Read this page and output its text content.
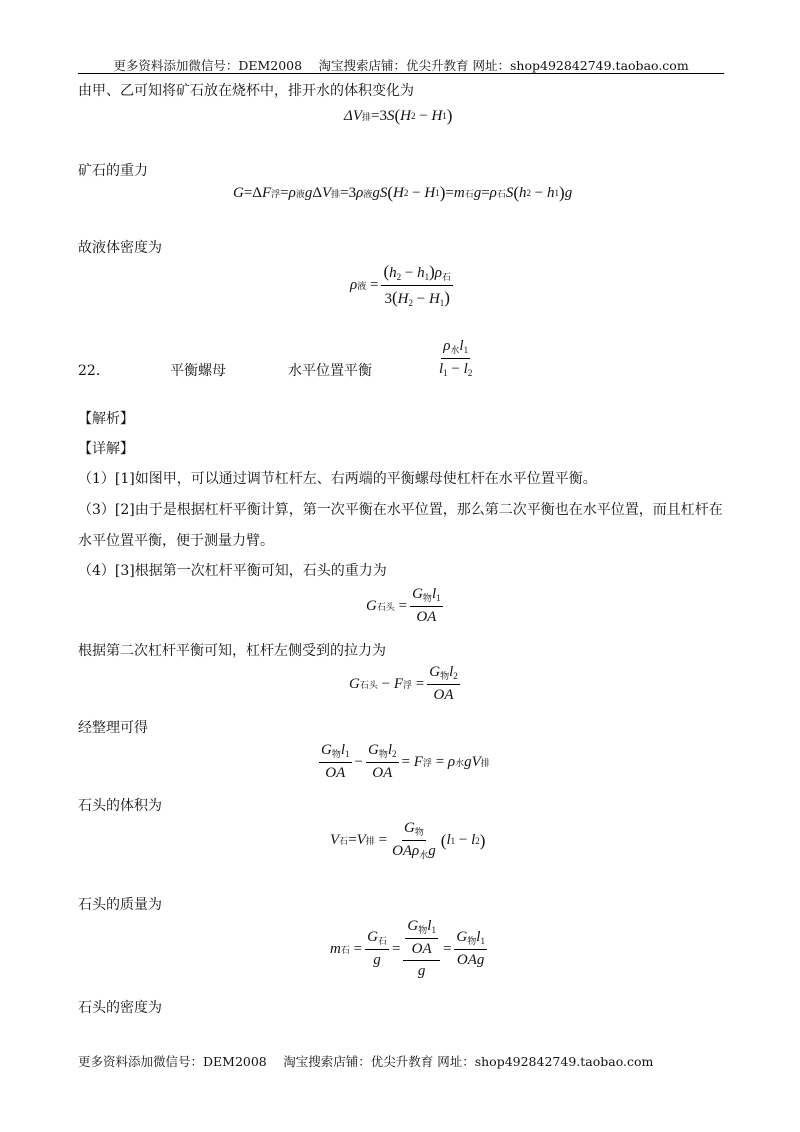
更多资料添加微信号：DEM2008　 淘宝搜索店铺：优尖升教育 网址：shop492842749.taobao.com
由甲、乙可知将矿石放在烧杯中，排开水的体积变化为
ΔV 排 =3S ( H 2 − H 1 )
矿石的重力
G =Δ F 浮 = ρ 液 g Δ V 排 =3 ρ 液 gS ( H 2 − H 1 ) = m 石 g = ρ 石 S ( h 2 − h 1 ) g
故液体密度为
ρ 液 = $\frac{(h_2 - h_1)\rho_石}{3(H_2 - H_1)}$
22．	平衡螺母	水平位置平衡	$\frac{\rho_水l_1}{l_1 - l_2}$
【解析】
【详解】
（1）[1]如图甲，可以通过调节杠杆左、右两端的平衡螺母使杠杆在水平位置平衡。
（3）[2]由于是根据杠杆平衡计算，第一次平衡在水平位置，那么第二次平衡也在水平位置，而且杠杆在
水平位置平衡，便于测量力臂。
（4）[3]根据第一次杠杆平衡可知，石头的重力为
G 石头 = $\frac{G_物l_1}{OA}$
根据第二次杠杆平衡可知，杠杆左侧受到的拉力为
G 石头 − F 浮 = $\frac{G_物l_2}{OA}$
经整理可得
$\frac{G_物l_1}{OA} - \frac{G_物l_2}{OA} = F$ 浮 = ρ 水 gV 排
石头的体积为
V 石 = V 排 = $\frac{G_物}{OA\rho_水g}$ ( l 1 − l 2 )
石头的质量为
m 石 = $\frac{G_石}{g} = \frac{\frac{G_物l_1}{OA}}{g} = \frac{G_物l_1}{\text{OAg}}$
石头的密度为
更多资料添加微信号：DEM2008　 淘宝搜索店铺：优尖升教育 网址：shop492842749.taobao.com
